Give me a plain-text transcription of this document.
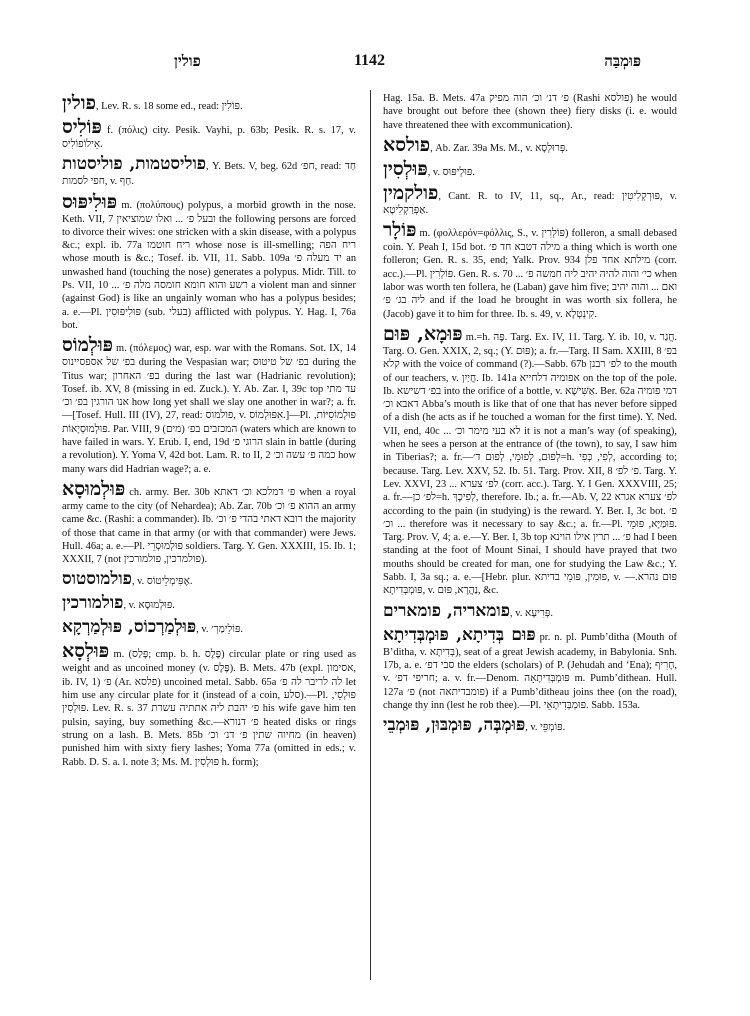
פולין	1142	פּוּמְבַּה

פולין, Lev. R. s. 18 some ed., read: פּוֹלִין.

פּוֹלִיס f. (πόλις) city. Pesik. Vayhi, p. 63b; Pesik. R. s. 17, v. אֵילוֹפוֹלִיס.

פוליסטמות, פוליסטות, Y. Bets. V, beg. 62d חפ׳, read: חַד חפי לסמות, v. חַף.

פּוּלִיפּוּס m. (πολύπους) polypus, a morbid growth in the nose. Keth. VII, 7 ובעל פ׳ ... ואלו שמוציאין the following persons are forced to divorce their wives: one stricken with a skin disease, with a polypus &c.; expl. ib. 77a ריח חוטמו whose nose is ill-smelling; ריח הפה whose mouth is &c.; Tosef. ib. VII, 11. Sabb. 109a יד מעלה פ׳ an unwashed hand (touching the nose) generates a polypus. Midr. Till. to Ps. VII, 10 ... רשע והוא חומא חומסה מלה פ׳ a violent man and sinner (against God) is like an ungainly woman who has a polypus besides; a. e.—Pl. פּוּלִיפּוּסִין (sub. בעלי) afflicted with polypus. Y. Hag. I, 76a bot.

פּוּלְמוֹס m. (πόλεμος) war, esp. war with the Romans. Sot. IX, 14 בפ׳ של אספסיינוס during the Vespasian war; בפ׳ של טיטוס during the Titus war; בפ׳ האחרון during the last war (Hadrianic revolution); Tosef. ib. XV, 8 (missing in ed. Zuck.). Y. Ab. Zar. I, 39c top עד מתי אנו הורגין בפ׳ וכ׳ how long yet shall we slay one another in war?; a. fr.—[Tosef. Hull. III (IV), 27, read: פולמוס, v. אִפּוּלְמוֹס.]—Pl. פּוּלְמוֹסִיּוֹת, פּוּלְמוּסְיָאוֹת. Par. VIII, 9 (מים) המכזבים בפ׳ (waters which are known to have failed in wars. Y. Erub. I, end, 19d הרוגי פ׳ slain in battle (during a revolution). Y. Yoma V, 42d bot. Lam. R. to II, 2 כמה פ׳ עשה וכ׳ how many wars did Hadrian wage?; a. e.

פּוּלְמוּסָא ch. army. Ber. 30b פ׳ דמלכא וכ׳ דאתא when a royal army came to the city (of Nehardea); Ab. Zar. 70b ההוא פ׳ וכ׳ an army came &c. (Rashi: a commander). Ib. רובא דאתי בהדי פ׳ וכ׳ the majority of those that came in that army (or with that commander) were Jews. Hull. 46a; a. e.—Pl. פּוּלְמוּסְרֵי soldiers. Targ. Y. Gen. XXXIII, 15. Ib. 1; XXXII, 7 (not פולמרכין, פולמורכין).

פולמוסטוס, v. אֶפִּימְלֵיטוֹס.

פולמורכין, v. פּוּלְמוּסָא.

פּוּלְמַרְכוֹס, פּוּלְמַרְקָא, v. פּוֹלֵימַרְ׳.

פּוּלְסָא m. (פָּלַס; cmp. b. h. פֶּלֶס) circular plate or ring used as weight and as uncoined money (v. פֶּלֶס). B. Mets. 47b (expl. אסימון, ib. IV, 1) פ׳ (Ar. פלסא) uncoined metal. Sabb. 65a לה לריבר לה פ׳ let him use any circular plate for it (instead of a coin, סלע).—Pl. פּוּלְסֵי, פּוּלְסִין. Lev. R. s. 37 פ׳ יהבת ליה אתתיה עשרת his wife gave him ten pulsin, saying, buy something &c.—פ׳ דנורא heated disks or rings strung on a lash. B. Mets. 85b מחיוה שתין פ׳ דנ׳ וכ׳ (in heaven) punished him with sixty fiery lashes; Yoma 77a (omitted in eds.; v. Rabb. D. S. a. l. note 3; Ms. M. פּוּלְסִין h. form);

Hag. 15a. B. Mets. 47a פ׳ דנ׳ וכ׳ הוה מפיק (Rashi פולסא) he would have brought out before thee (shown thee) fiery disks (i. e. would have threatened thee with excommunication).

פולסא, Ab. Zar. 39a Ms. M., v. פְּרוּלְסָא.

פּוּלְסִין, v. פּוּלְיפּוּס.

פולקמין, Cant. R. to IV, 11, sq., Ar., read: פּוּרְקְלִיטִין, v. אַפְּרַקְלִיטָא.

פּוֹלָר m. (φολλερόν=φόλλις, S., v. פּוֹלְרִין) folleron, a small debased coin. Y. Peah I, 15d bot. מילה דטבא חד פ׳ a thing which is worth one folleron; Gen. R. s. 35, end; Yalk. Prov. 934 מילתא אחד פלן (corr. acc.).—Pl. פּוֹלְרִין. Gen. R. s. 70 ... כי׳ והוה להיה יהיב ליה חמשה פ׳ when labor was worth ten follera, he (Laban) gave him five; ואם ... והוה יהיב ליה בג׳ פ׳ and if the load he brought in was worth six follera, he (Jacob) gave it to him for three. Ib. s. 49, v. קִינְטְלָא.

פּוּמָא, פּוּם m.=h. פֶּה. Targ. Ex. IV, 11. Targ. Y. ib. 10, v. חֲגַר. Targ. O. Gen. XXIX, 2, sq.; (Y. פּוּם); a. fr.—Targ. II Sam. XXIII, 8 בפ׳ קלא with the voice of command (?).—Sabb. 67b לפ׳ רבנן to the mouth of our teachers, v. חֲיַיִן. Ib. 141a אפומיה דלחייא on the top of the pole. Ib. בפ׳ דשישא into the orifice of a bottle, v. אַשִּׁישָׁא. Ber. 62a דמי פומיה דאבא וכ׳ Abba’s mouth is like that of one that has never before sipped of a dish (he acts as if he touched a woman for the first time). Y. Ned. VII, end, 40c ... לא בעי מימר וכ׳ it is not a man’s way (of speaking), when he sees a person at the entrance of (the town), to say, I saw him in Tiberias?; a. fr.—לְפוּם, לְפוּמֵי, לְפוּם ד׳=h. לְפִי, כְּפִי, according to; because. Targ. Lev. XXV, 52. Ib. 51. Targ. Prov. XII, 8 פ׳ לפ׳. Targ. Y. Lev. XXVI, 23 ... לפ׳ צערא (corr. acc.). Targ. Y. I Gen. XXXVIII, 25; a. fr.—לפ׳ כן=h. לְפִיכָךְ, therefore. Ib.; a. fr.—Ab. V, 22 לפ׳ צערא אגרא according to the pain (in studying) is the reward. Y. Ber. I, 3c bot. פ׳ וכ׳ ... therefore was it necessary to say &c.; a. fr.—Pl. פּוּמַּיָּא, פּוּמֵי. Targ. Prov. V, 4; a. e.—Y. Ber. I, 3b top פ׳ ... תרין אילו הוינא had I been standing at the foot of Mount Sinai, I should have prayed that two mouths should be created for man, one for studying the Law &c.; Y. Sabb. I, 3a sq.; a. e.—[Hebr. plur. פּוּמִין, פּוּמֵי בדיתא, v. פּוּם נהרא.—פּוּמְבְּדִיתָא, v. נַהֲרָא, פּוּם, &c.

פומאריה, פומארים, v. פְּרִיעָא.

פּוּם בְּדִיתָא, פּוּמְבְּדִיתָא pr. n. pl. Pumb’ditha (Mouth of B’ditha, v. בְּדִיתָא), seat of a great Jewish academy, in Babylonia. Snh. 17b, a. e. סבי דפ׳ the elders (scholars) of P. (Jehudah and ‘Ena); חָרִיף, v. חריפי דפ׳; a. v. fr.—Denom. פּוּמְבְּדִיתָאָה m. Pumb’dithean. Hull. 127a פ׳ (not פומבדיתאה) if a Pumb’ditheau joins thee (on the road), change thy inn (lest he rob thee).—Pl. פּוּמְבְּדִיתָאֵי. Sabb. 153a.

פּוּמְבְּה, פּוּמְבּוּן, פּוּמְבֵי, v. פּוֹמְפֵּי.
